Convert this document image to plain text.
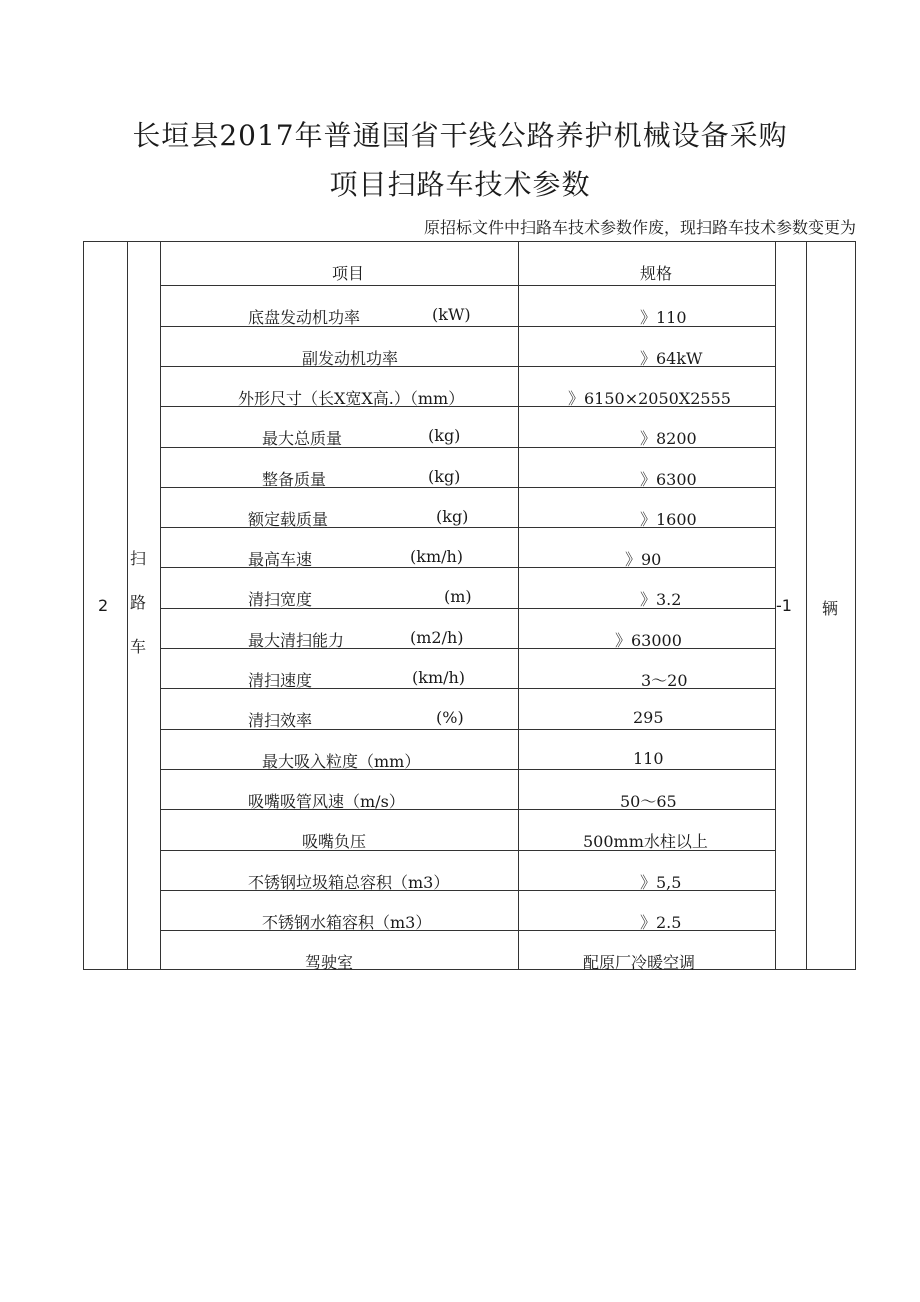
长垣县2017年普通国省干线公路养护机械设备采购
项目扫路车技术参数
原招标文件中扫路车技术参数作废，现扫路车技术参数变更为
项目	规格
底盘发动机功率	(kW)	》110
副发动机功率	》64kW
外形尺寸（长X宽X高.）（mm）	》6150×2050X2555
最大总质量	(kg)	》8200
整备质量	(kg)	》6300
额定载质量	(kg)	》1600
最高车速	(km/h)	》90
清扫宽度	(m)	》3.2
最大清扫能力	(m2/h)	》63000
清扫速度	(km/h)	3～20
清扫效率	(%)	295
最大吸入粒度（mm）	110
吸嘴吸管风速（m/s）	50～65
吸嘴负压	500mm水柱以上
不锈钢垃圾箱总容积（m3）	》5,5
不锈钢水箱容积（m3）	》2.5
驾驶室	配原厂冷暖空调
2
扫
路
车
-1 辆
